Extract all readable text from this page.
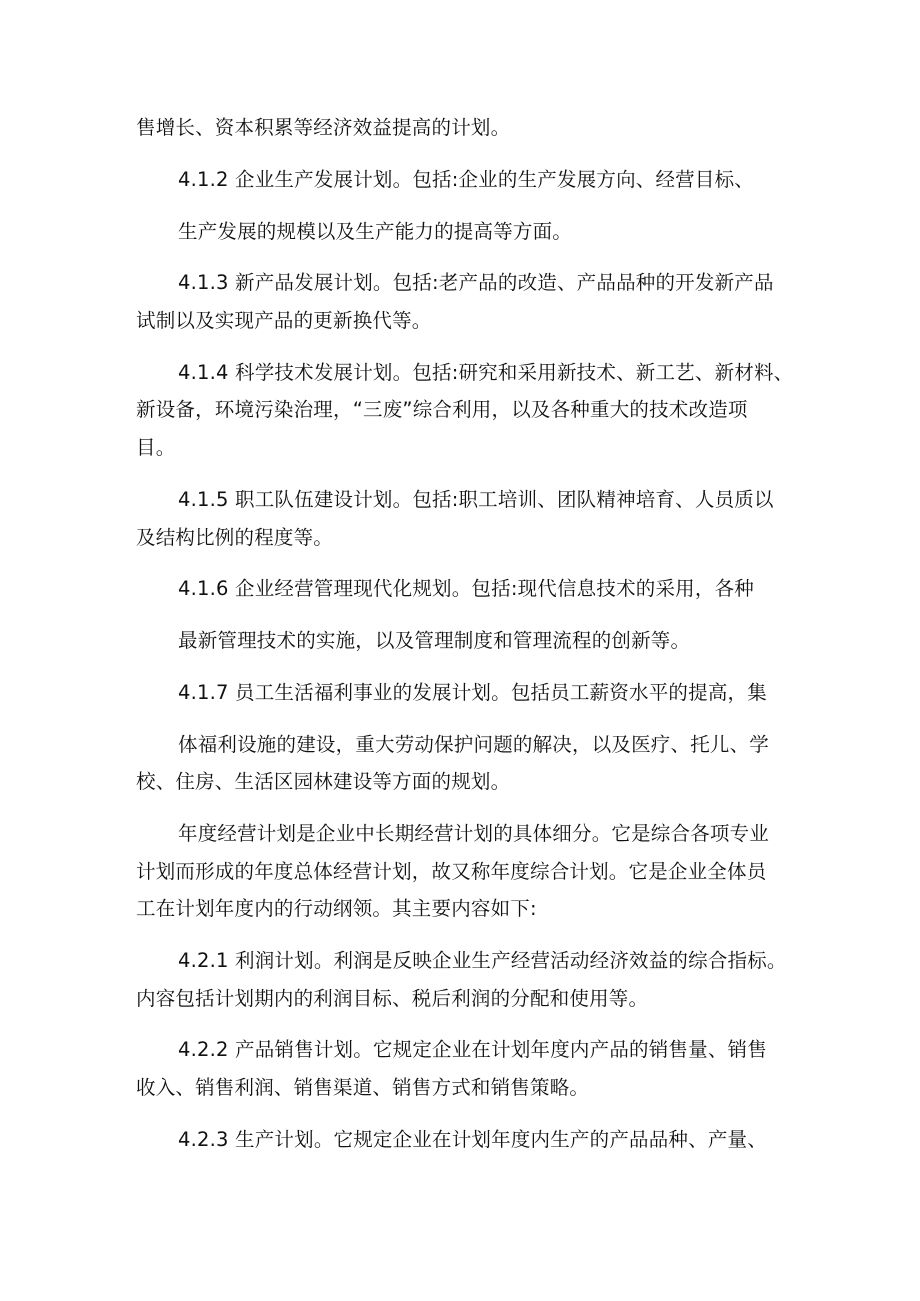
售增长、资本积累等经济效益提高的计划。
4.1.2 企业生产发展计划。包括:企业的生产发展方向、经营目标、
生产发展的规模以及生产能力的提高等方面。
4.1.3 新产品发展计划。包括:老产品的改造、产品品种的开发新产品
试制以及实现产品的更新换代等。
4.1.4 科学技术发展计划。包括:研究和采用新技术、新工艺、新材料、
新设备，环境污染治理，“三废”综合利用，以及各种重大的技术改造项
目。
4.1.5 职工队伍建设计划。包括:职工培训、团队精神培育、人员质以
及结构比例的程度等。
4.1.6 企业经营管理现代化规划。包括:现代信息技术的采用，各种
最新管理技术的实施，以及管理制度和管理流程的创新等。
4.1.7 员工生活福利事业的发展计划。包括员工薪资水平的提高，集
体福利设施的建设，重大劳动保护问题的解决，以及医疗、托儿、学
校、住房、生活区园林建设等方面的规划。
年度经营计划是企业中长期经营计划的具体细分。它是综合各项专业
计划而形成的年度总体经营计划，故又称年度综合计划。它是企业全体员
工在计划年度内的行动纲领。其主要内容如下:
4.2.1 利润计划。利润是反映企业生产经营活动经济效益的综合指标。
内容包括计划期内的利润目标、税后利润的分配和使用等。
4.2.2 产品销售计划。它规定企业在计划年度内产品的销售量、销售
收入、销售利润、销售渠道、销售方式和销售策略。
4.2.3 生产计划。它规定企业在计划年度内生产的产品品种、产量、
